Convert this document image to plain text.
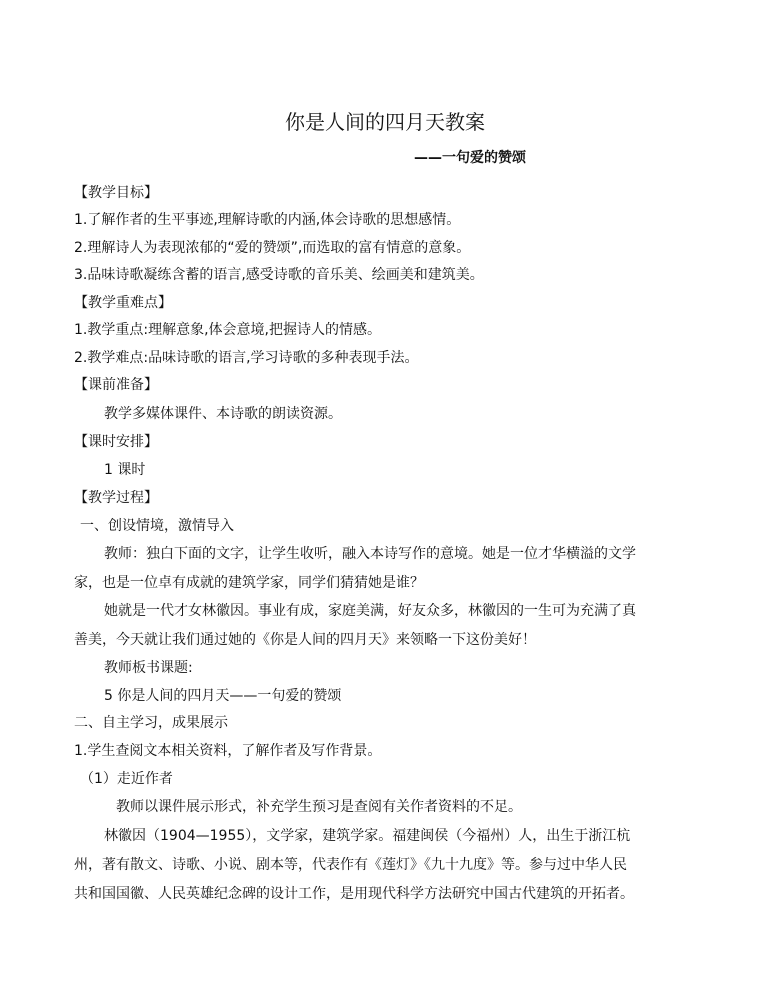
你是人间的四月天教案
——一句爱的赞颂
【教学目标】
1.了解作者的生平事迹,理解诗歌的内涵,体会诗歌的思想感情。
2.理解诗人为表现浓郁的“爱的赞颂”,而选取的富有情意的意象。
3.品味诗歌凝练含蓄的语言,感受诗歌的音乐美、绘画美和建筑美。
【教学重难点】
1.教学重点:理解意象,体会意境,把握诗人的情感。
2.教学难点:品味诗歌的语言,学习诗歌的多种表现手法。
【课前准备】
教学多媒体课件、本诗歌的朗读资源。
【课时安排】
1 课时
【教学过程】
一、创设情境，激情导入
教师：独白下面的文字，让学生收听，融入本诗写作的意境。她是一位才华横溢的文学
家，也是一位卓有成就的建筑学家，同学们猜猜她是谁？
她就是一代才女林徽因。事业有成，家庭美满，好友众多，林徽因的一生可为充满了真
善美，今天就让我们通过她的《你是人间的四月天》来领略一下这份美好！
教师板书课题:
5 你是人间的四月天——一句爱的赞颂
二、自主学习，成果展示
1.学生查阅文本相关资料，了解作者及写作背景。
（1）走近作者
教师以课件展示形式，补充学生预习是查阅有关作者资料的不足。
林徽因（1904—1955），文学家，建筑学家。福建闽侯（今福州）人，出生于浙江杭
州，著有散文、诗歌、小说、剧本等，代表作有《莲灯》《九十九度》等。参与过中华人民
共和国国徽、人民英雄纪念碑的设计工作，是用现代科学方法研究中国古代建筑的开拓者。
